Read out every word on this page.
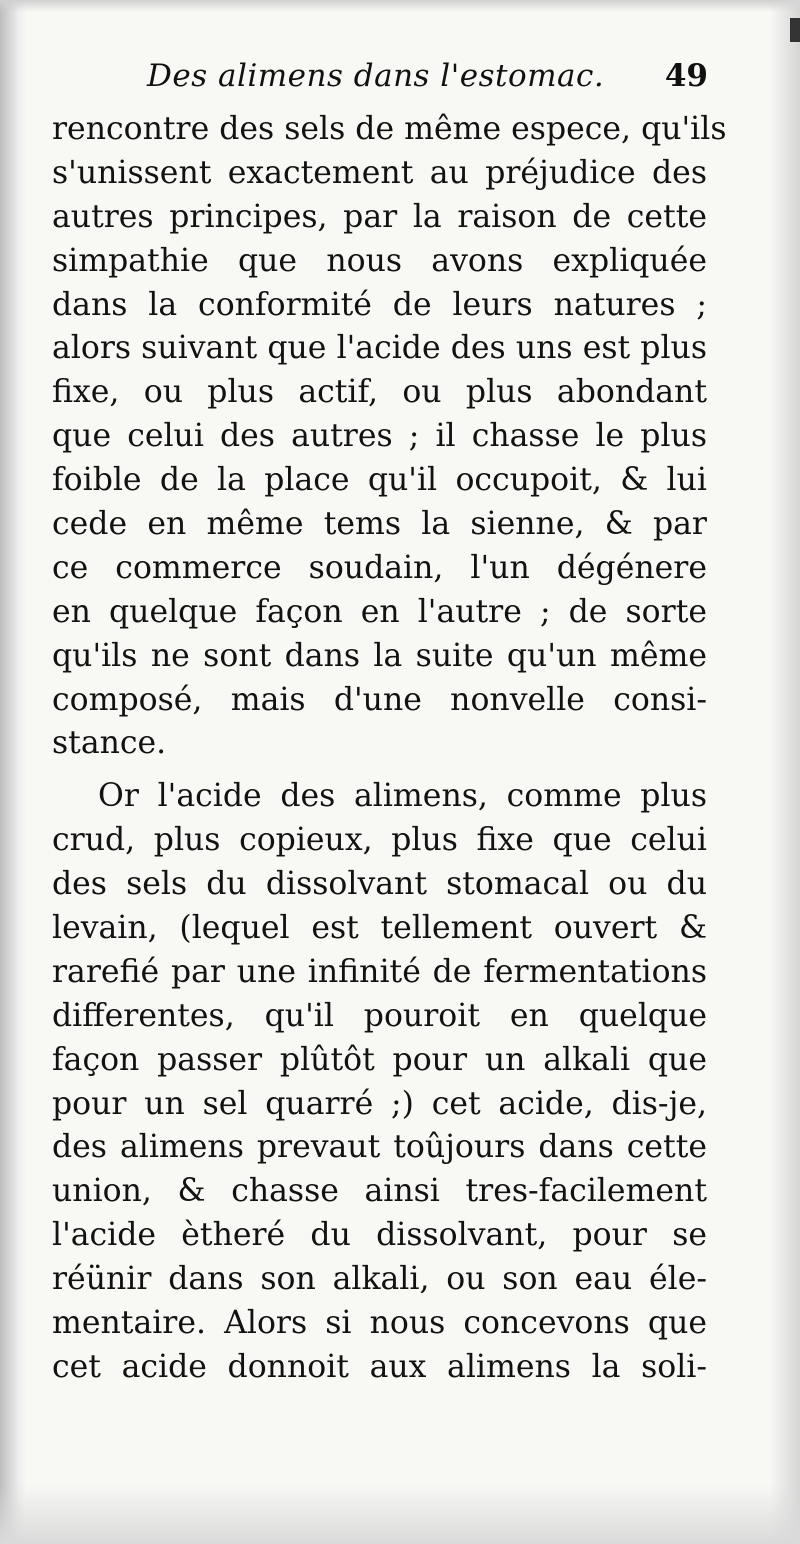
Des alimens dans l'estomac. 49
rencontre des sels de même espece, qu'ils
s'unissent exactement au préjudice des
autres principes, par la raison de cette
simpathie que nous avons expliquée
dans la conformité de leurs natures ;
alors suivant que l'acide des uns est plus
fixe, ou plus actif, ou plus abondant
que celui des autres ; il chasse le plus
foible de la place qu'il occupoit, & lui
cede en même tems la sienne, & par
ce commerce soudain, l'un dégénere
en quelque façon en l'autre ; de sorte
qu'ils ne sont dans la suite qu'un même
composé, mais d'une nonvelle consi-
stance.
Or l'acide des alimens, comme plus
crud, plus copieux, plus fixe que celui
des sels du dissolvant stomacal ou du
levain, (lequel est tellement ouvert &
rarefié par une infinité de fermentations
differentes, qu'il pouroit en quelque
façon passer plûtôt pour un alkali que
pour un sel quarré ;) cet acide, dis-je,
des alimens prevaut toûjours dans cette
union, & chasse ainsi tres-facilement
l'acide ètheré du dissolvant, pour se
réünir dans son alkali, ou son eau éle-
mentaire. Alors si nous concevons que
cet acide donnoit aux alimens la soli-
